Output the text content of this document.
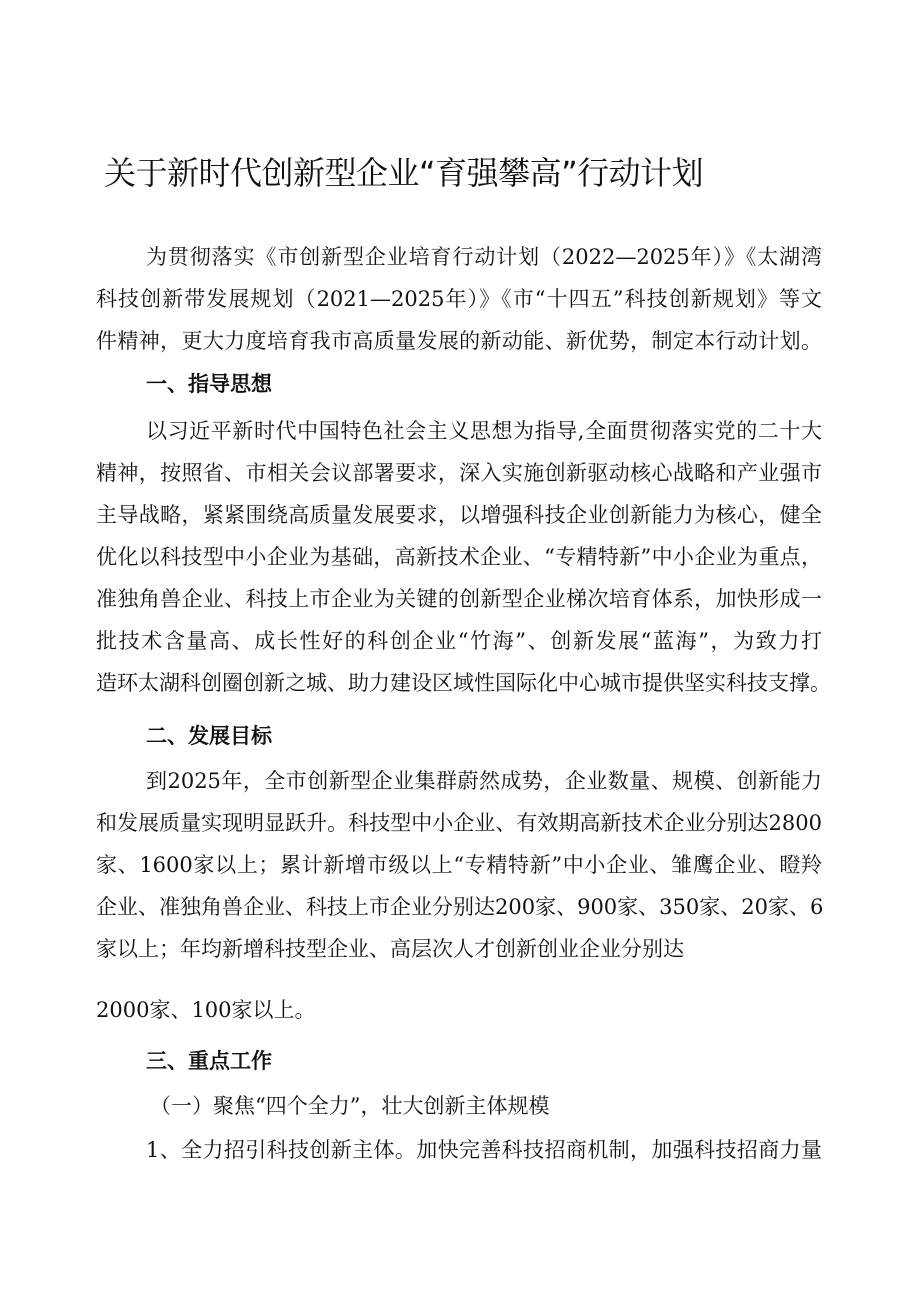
关于新时代创新型企业“育强攀高”行动计划

为贯彻落实《市创新型企业培育行动计划（2022—2025年）》《太湖湾

科技创新带发展规划（2021—2025年）》《市“十四五”科技创新规划》等文

件精神，更大力度培育我市高质量发展的新动能、新优势，制定本行动计划。

一、指导思想

以习近平新时代中国特色社会主义思想为指导,全面贯彻落实党的二十大

精神，按照省、市相关会议部署要求，深入实施创新驱动核心战略和产业强市

主导战略，紧紧围绕高质量发展要求，以增强科技企业创新能力为核心，健全

优化以科技型中小企业为基础，高新技术企业、“专精特新”中小企业为重点，

准独角兽企业、科技上市企业为关键的创新型企业梯次培育体系，加快形成一

批技术含量高、成长性好的科创企业“竹海”、创新发展“蓝海”，为致力打

造环太湖科创圈创新之城、助力建设区域性国际化中心城市提供坚实科技支撑。

二、发展目标

到2025年，全市创新型企业集群蔚然成势，企业数量、规模、创新能力

和发展质量实现明显跃升。科技型中小企业、有效期高新技术企业分别达2800

家、1600家以上；累计新增市级以上“专精特新”中小企业、雏鹰企业、瞪羚

企业、准独角兽企业、科技上市企业分别达200家、900家、350家、20家、6

家以上；年均新增科技型企业、高层次人才创新创业企业分别达

2000家、100家以上。

三、重点工作

（一）聚焦“四个全力”，壮大创新主体规模

1、全力招引科技创新主体。加快完善科技招商机制，加强科技招商力量
